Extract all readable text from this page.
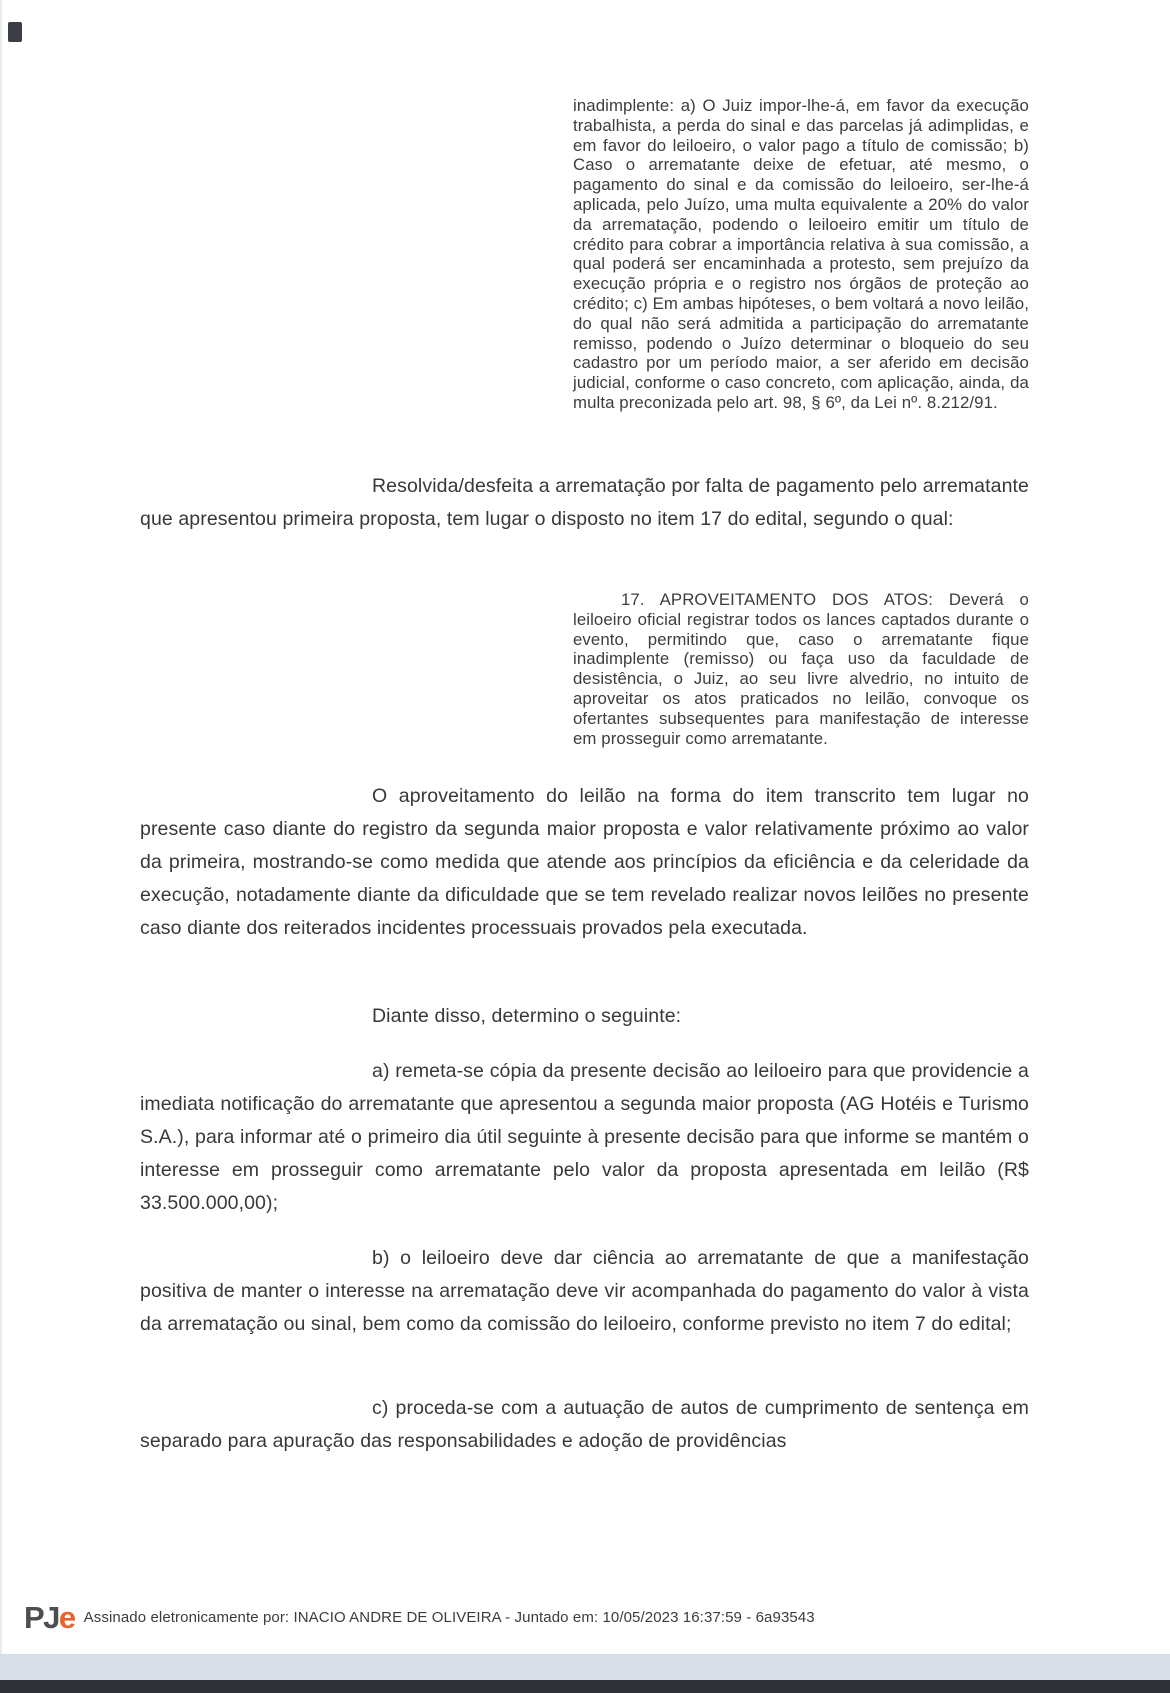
inadimplente: a) O Juiz impor-lhe-á, em favor da execução trabalhista, a perda do sinal e das parcelas já adimplidas, e em favor do leiloeiro, o valor pago a título de comissão; b) Caso o arrematante deixe de efetuar, até mesmo, o pagamento do sinal e da comissão do leiloeiro, ser-lhe-á aplicada, pelo Juízo, uma multa equivalente a 20% do valor da arrematação, podendo o leiloeiro emitir um título de crédito para cobrar a importância relativa à sua comissão, a qual poderá ser encaminhada a protesto, sem prejuízo da execução própria e o registro nos órgãos de proteção ao crédito; c) Em ambas hipóteses, o bem voltará a novo leilão, do qual não será admitida a participação do arrematante remisso, podendo o Juízo determinar o bloqueio do seu cadastro por um período maior, a ser aferido em decisão judicial, conforme o caso concreto, com aplicação, ainda, da multa preconizada pelo art. 98, § 6º, da Lei nº. 8.212/91.

Resolvida/desfeita a arrematação por falta de pagamento pelo arrematante que apresentou primeira proposta, tem lugar o disposto no item 17 do edital, segundo o qual:

17. APROVEITAMENTO DOS ATOS: Deverá o leiloeiro oficial registrar todos os lances captados durante o evento, permitindo que, caso o arrematante fique inadimplente (remisso) ou faça uso da faculdade de desistência, o Juiz, ao seu livre alvedrio, no intuito de aproveitar os atos praticados no leilão, convoque os ofertantes subsequentes para manifestação de interesse em prosseguir como arrematante.

O aproveitamento do leilão na forma do item transcrito tem lugar no presente caso diante do registro da segunda maior proposta e valor relativamente próximo ao valor da primeira, mostrando-se como medida que atende aos princípios da eficiência e da celeridade da execução, notadamente diante da dificuldade que se tem revelado realizar novos leilões no presente caso diante dos reiterados incidentes processuais provados pela executada.

Diante disso, determino o seguinte:

a) remeta-se cópia da presente decisão ao leiloeiro para que providencie a imediata notificação do arrematante que apresentou a segunda maior proposta (AG Hotéis e Turismo S.A.), para informar até o primeiro dia útil seguinte à presente decisão para que informe se mantém o interesse em prosseguir como arrematante pelo valor da proposta apresentada em leilão (R$ 33.500.000,00);

b) o leiloeiro deve dar ciência ao arrematante de que a manifestação positiva de manter o interesse na arrematação deve vir acompanhada do pagamento do valor à vista da arrematação ou sinal, bem como da comissão do leiloeiro, conforme previsto no item 7 do edital;

c) proceda-se com a autuação de autos de cumprimento de sentença em separado para apuração das responsabilidades e adoção de providências

PJ e Assinado eletronicamente por: INACIO ANDRE DE OLIVEIRA - Juntado em: 10/05/2023 16:37:59 - 6a93543
